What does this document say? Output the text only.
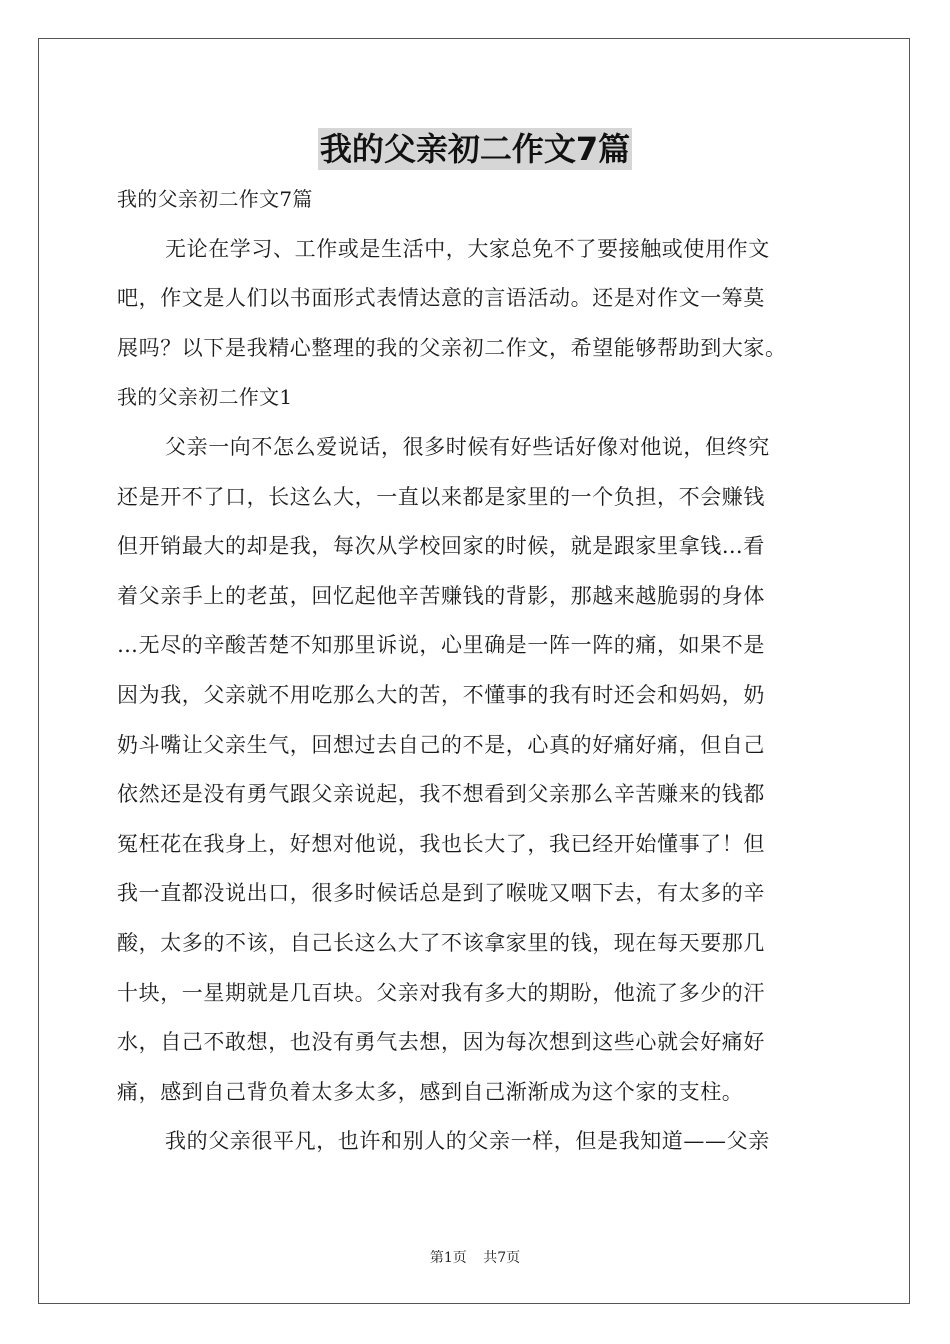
我的父亲初二作文7篇
我的父亲初二作文7篇
无论在学习、工作或是生活中，大家总免不了要接触或使用作文
吧，作文是人们以书面形式表情达意的言语活动。还是对作文一筹莫
展吗？以下是我精心整理的我的父亲初二作文，希望能够帮助到大家。
我的父亲初二作文1
父亲一向不怎么爱说话，很多时候有好些话好像对他说，但终究
还是开不了口，长这么大，一直以来都是家里的一个负担，不会赚钱
但开销最大的却是我，每次从学校回家的时候，就是跟家里拿钱…看
着父亲手上的老茧，回忆起他辛苦赚钱的背影，那越来越脆弱的身体
…无尽的辛酸苦楚不知那里诉说，心里确是一阵一阵的痛，如果不是
因为我，父亲就不用吃那么大的苦，不懂事的我有时还会和妈妈，奶
奶斗嘴让父亲生气，回想过去自己的不是，心真的好痛好痛，但自己
依然还是没有勇气跟父亲说起，我不想看到父亲那么辛苦赚来的钱都
冤枉花在我身上，好想对他说，我也长大了，我已经开始懂事了！但
我一直都没说出口，很多时候话总是到了喉咙又咽下去，有太多的辛
酸，太多的不该，自己长这么大了不该拿家里的钱，现在每天要那几
十块，一星期就是几百块。父亲对我有多大的期盼，他流了多少的汗
水，自己不敢想，也没有勇气去想，因为每次想到这些心就会好痛好
痛，感到自己背负着太多太多，感到自己渐渐成为这个家的支柱。
我的父亲很平凡，也许和别人的父亲一样，但是我知道——父亲
第1页 共7页
